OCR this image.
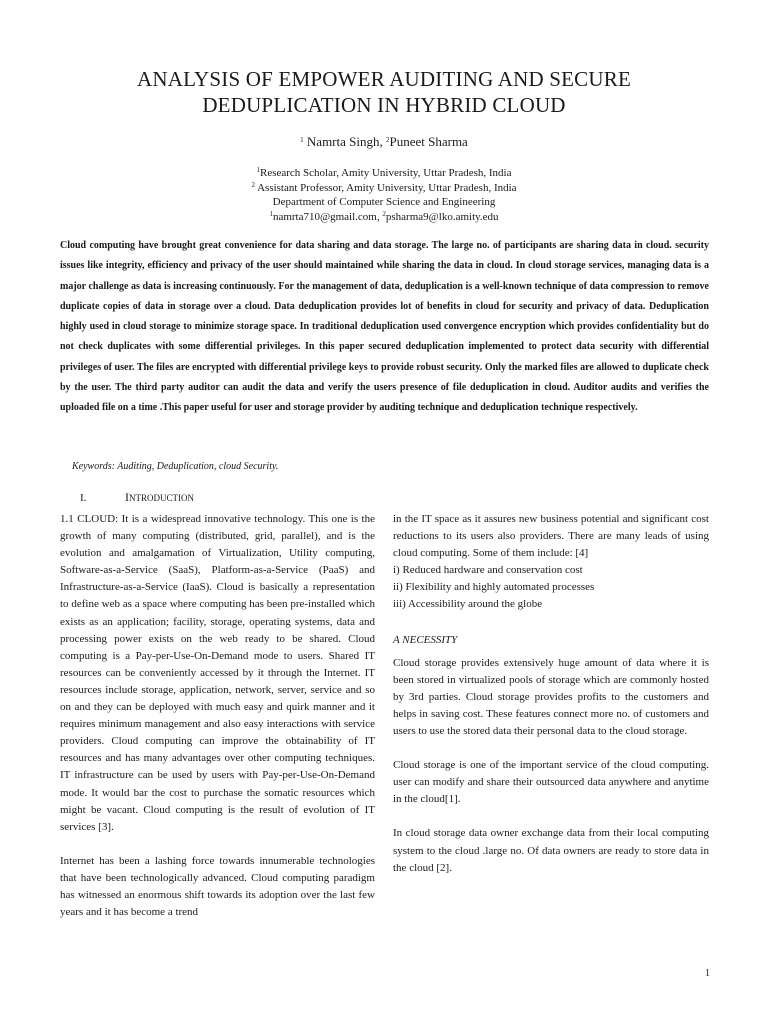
ANALYSIS OF EMPOWER AUDITING AND SECURE DEDUPLICATION IN HYBRID CLOUD
$^1$ Namrta Singh, $^2$Puneet Sharma
$^1$Research Scholar, Amity University, Uttar Pradesh, India
$^2$ Assistant Professor, Amity University, Uttar Pradesh, India
Department of Computer Science and Engineering
$^1$namrta710@gmail.com, $^2$psharma9@lko.amity.edu

Cloud computing have brought great convenience for data sharing and data storage. The large no. of participants are sharing data in cloud. security issues like integrity, efficiency and privacy of the user should maintained while sharing the data in cloud. In cloud storage services, managing data is a major challenge as data is increasing continuously. For the management of data, deduplication is a well-known technique of data compression to remove duplicate copies of data in storage over a cloud. Data deduplication provides lot of benefits in cloud for security and privacy of data. Deduplication highly used in cloud storage to minimize storage space. In traditional deduplication used convergence encryption which provides confidentiality but do not check duplicates with some differential privileges. In this paper secured deduplication implemented to protect data security with differential privileges of user. The files are encrypted with differential privilege keys to provide robust security. Only the marked files are allowed to duplicate check by the user. The third party auditor can audit the data and verify the users presence of file deduplication in cloud. Auditor audits and verifies the uploaded file on a time .This paper useful for user and storage provider by auditing technique and deduplication technique respectively.

Keywords: Auditing, Deduplication, cloud Security.
I.	INTRODUCTION

1.1 CLOUD: It is a widespread innovative technology. This one is the growth of many computing (distributed, grid, parallel), and is the evolution and amalgamation of Virtualization, Utility computing, Software-as-a-Service (SaaS), Platform-as-a-Service (PaaS) and Infrastructure-as-a-Service (IaaS). Cloud is basically a representation to define web as a space where computing has been pre-installed which exists as an application; facility, storage, operating systems, data and processing power exists on the web ready to be shared. Cloud computing is a Pay-per-Use-On-Demand mode to users. Shared IT resources can be conveniently accessed by it through the Internet. IT resources include storage, application, network, server, service and so on and they can be deployed with much easy and quirk manner and it requires minimum management and also easy interactions with service providers. Cloud computing can improve the obtainability of IT resources and has many advantages over other computing techniques. IT infrastructure can be used by users with Pay-per-Use-On-Demand mode. It would bar the cost to purchase the somatic resources which might be vacant. Cloud computing is the result of evolution of IT services [3].

Internet has been a lashing force towards innumerable technologies that have been technologically advanced. Cloud computing paradigm has witnessed an enormous shift towards its adoption over the last few years and it has become a trend

in the IT space as it assures new business potential and significant cost reductions to its users also providers. There are many leads of using cloud computing. Some of them include: [4]

i) Reduced hardware and conservation cost
ii) Flexibility and highly automated processes
iii) Accessibility around the globe
A NECESSITY

Cloud storage provides extensively huge amount of data where it is been stored in virtualized pools of storage which are commonly hosted by 3rd parties. Cloud storage provides profits to the customers and helps in saving cost. These features connect more no. of customers and users to use the stored data their personal data to the cloud storage.

Cloud storage is one of the important service of the cloud computing. user can modify and share their outsourced data anywhere and anytime in the cloud[1].

In cloud storage data owner exchange data from their local computing system to the cloud .large no. Of data owners are ready to store data in the cloud [2].

1
